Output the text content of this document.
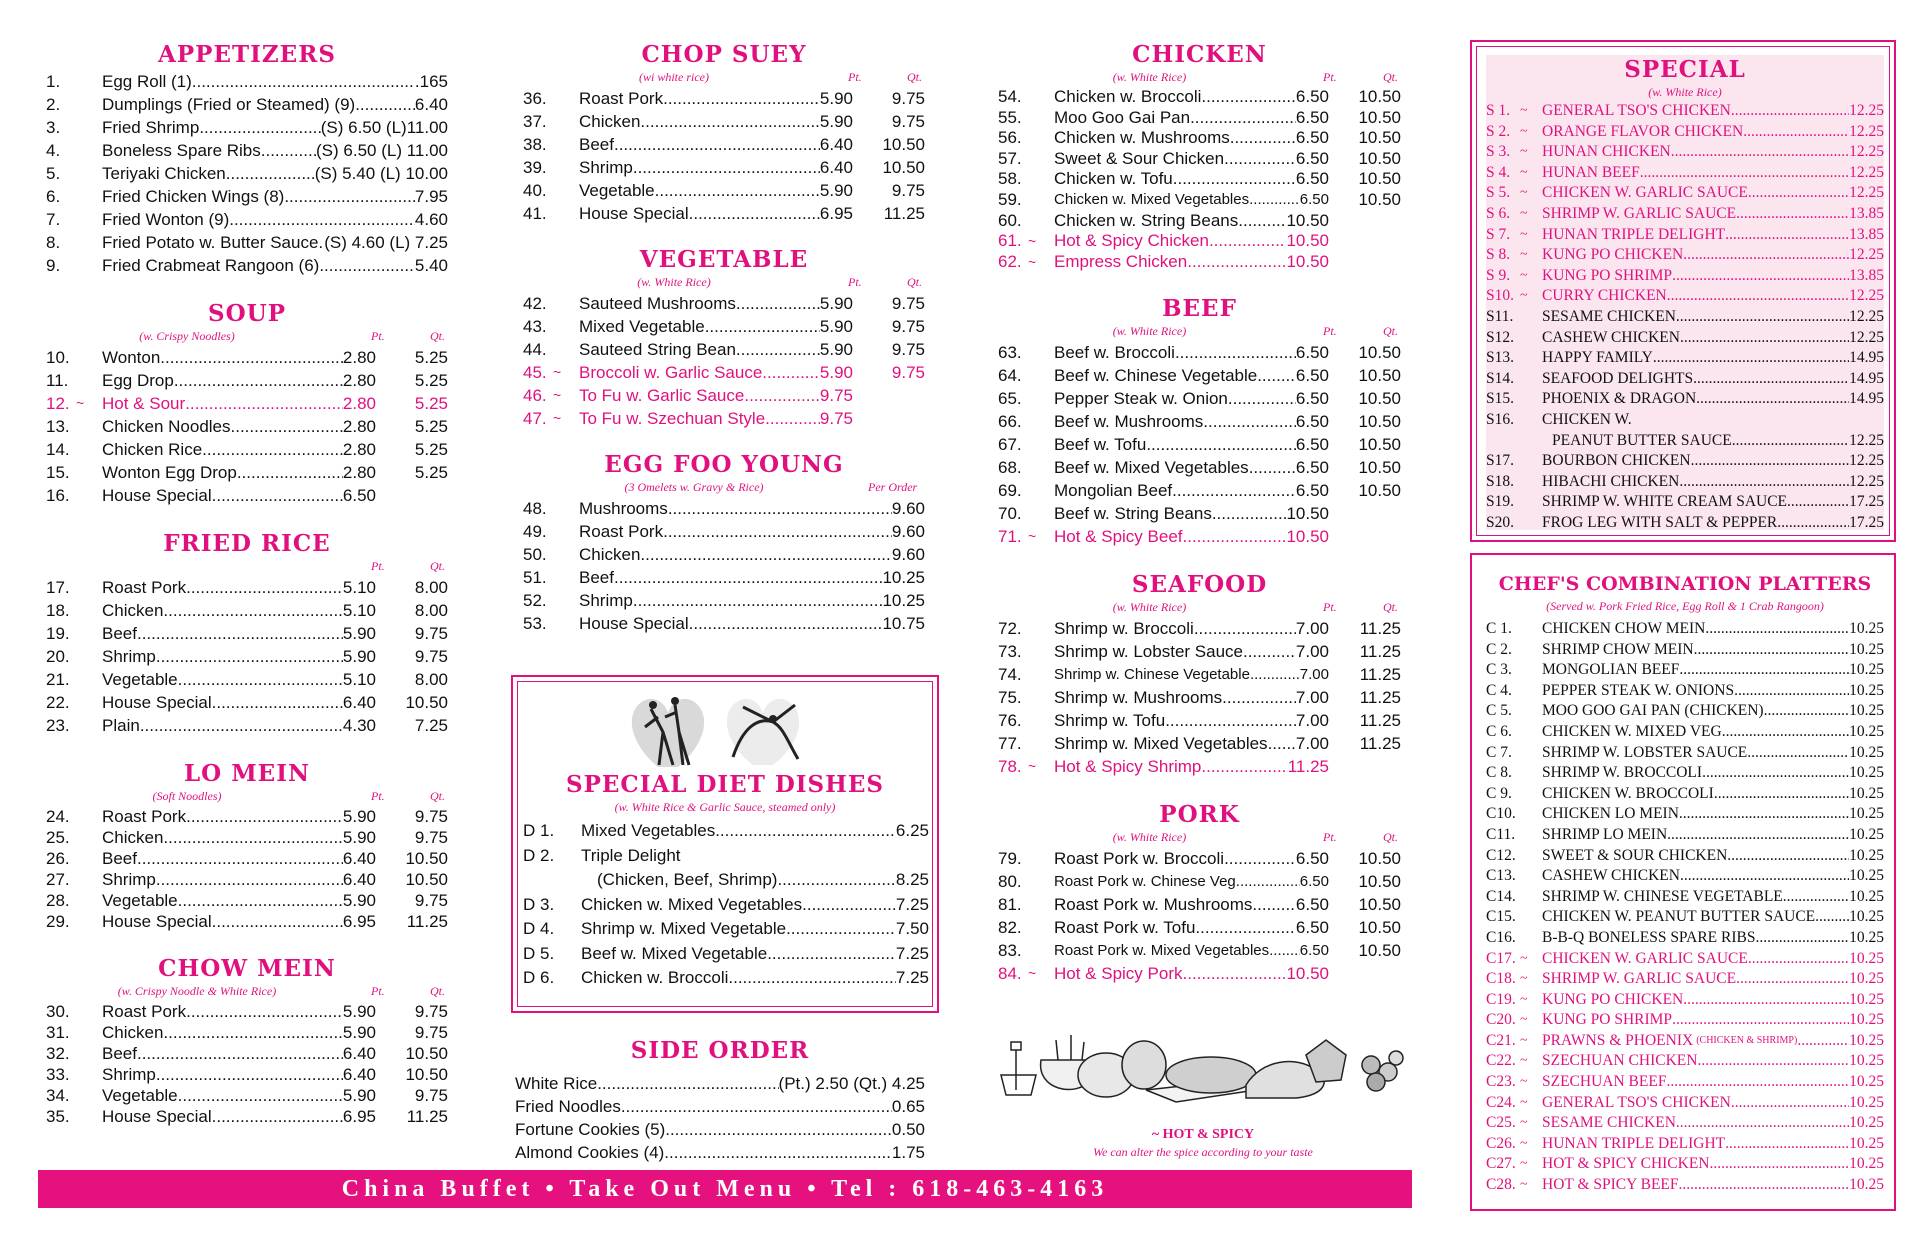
APPETIZERS
1. Egg Roll (1) .....	.165
2. Dumplings (Fried or Steamed) (9) .....	6.40
3. Fried Shrimp .....	(S) 6.50 (L)11.00
4. Boneless Spare Ribs .....	(S) 6.50 (L) 11.00
5. Teriyaki Chicken .....	(S) 5.40 (L) 10.00
6. Fried Chicken Wings (8) .....	7.95
7. Fried Wonton (9) .....	4.60
8. Fried Potato w. Butter Sauce ..... (S) 4.60 (L) 7.25
9. Fried Crabmeat Rangoon (6) .....	5.40
SOUP
(w. Crispy Noodles)	Pt.	Qt.
10. Wonton .....	2.80 5.25
11. Egg Drop .....	2.80 5.25
12. ~ Hot & Sour .....	2.80 5.25
13. Chicken Noodles .....	2.80 5.25
14. Chicken Rice .....	2.80 5.25
15. Wonton Egg Drop .....	2.80 5.25
16. House Special .....	6.50
FRIED RICE
Pt.	Qt.
17. Roast Pork .....	5.10 8.00
18. Chicken .....	5.10 8.00
19. Beef .....	5.90 9.75
20. Shrimp .....	5.90 9.75
21. Vegetable .....	5.10 8.00
22. House Special .....	6.40 10.50
23. Plain .....	4.30 7.25
LO MEIN
(Soft Noodles)	Pt.	Qt.
24. Roast Pork .....	5.90 9.75
25. Chicken .....	5.90 9.75
26. Beef .....	6.40 10.50
27. Shrimp .....	6.40 10.50
28. Vegetable .....	5.90 9.75
29. House Special .....	6.95 11.25
CHOW MEIN
(w. Crispy Noodle & White Rice)	Pt.	Qt.
30. Roast Pork .....	5.90 9.75
31. Chicken .....	5.90 9.75
32. Beef .....	6.40 10.50
33. Shrimp .....	6.40 10.50
34. Vegetable .....	5.90 9.75
35. House Special .....	6.95 11.25
CHOP SUEY
(wi white rice)	Pt.	Qt.
36. Roast Pork .....	5.90 9.75
37. Chicken .....	5.90 9.75
38. Beef .....	6.40 10.50
39. Shrimp .....	6.40 10.50
40. Vegetable .....	5.90 9.75
41. House Special .....	6.95 11.25
VEGETABLE
(w. White Rice)	Pt.	Qt.
42. Sauteed Mushrooms .....	5.90 9.75
43. Mixed Vegetable .....	5.90 9.75
44. Sauteed String Bean .....	5.90 9.75
45. ~ Broccoli w. Garlic Sauce .....	5.90 9.75
46. ~ To Fu w. Garlic Sauce .....	9.75
47. ~ To Fu w. Szechuan Style .....	9.75
EGG FOO YOUNG
(3 Omelets w. Gravy & Rice)	Per Order
48. Mushrooms .....	9.60
49. Roast Pork .....	9.60
50. Chicken .....	9.60
51. Beef .....	10.25
52. Shrimp .....	10.25
53. House Special .....	10.75
SPECIAL DIET DISHES
(w. White Rice & Garlic Sauce, steamed only)
D 1. Mixed Vegetables .....	6.25
D 2. Triple Delight
(Chicken, Beef, Shrimp) .....	8.25
D 3. Chicken w. Mixed Vegetables .....	7.25
D 4. Shrimp w. Mixed Vegetable .....	7.50
D 5. Beef w. Mixed Vegetable .....	7.25
D 6. Chicken w. Broccoli .....	7.25
SIDE ORDER
White Rice .....	(Pt.) 2.50 (Qt.) 4.25
Fried Noodles .....	0.65
Fortune Cookies (5) .....	0.50
Almond Cookies (4) .....	1.75
CHICKEN
(w. White Rice)	Pt.	Qt.
54. Chicken w. Broccoli .....	6.50 10.50
55. Moo Goo Gai Pan .....	6.50 10.50
56. Chicken w. Mushrooms .....	6.50 10.50
57. Sweet & Sour Chicken .....	6.50 10.50
58. Chicken w. Tofu .....	6.50 10.50
59. Chicken w. Mixed Vegetables .....	6.50 10.50
60. Chicken w. String Beans .....	10.50
61. ~ Hot & Spicy Chicken .....	10.50
62. ~ Empress Chicken .....	10.50
BEEF
(w. White Rice)	Pt.	Qt.
63. Beef w. Broccoli .....	6.50 10.50
64. Beef w. Chinese Vegetable ..... 6.50 10.50
65. Pepper Steak w. Onion .....	6.50 10.50
66. Beef w. Mushrooms .....	6.50 10.50
67. Beef w. Tofu .....	6.50 10.50
68. Beef w. Mixed Vegetables .....	6.50 10.50
69. Mongolian Beef .....	6.50 10.50
70. Beef w. String Beans .....	10.50
71. ~ Hot & Spicy Beef .....	10.50
SEAFOOD
(w. White Rice)	Pt.	Qt.
72. Shrimp w. Broccoli .....	7.00 11.25
73. Shrimp w. Lobster Sauce .....	7.00 11.25
74. Shrimp w. Chinese Vegetable .....	7.00 11.25
75. Shrimp w. Mushrooms .....	7.00 11.25
76. Shrimp w. Tofu .....	7.00 11.25
77. Shrimp w. Mixed Vegetables ..... 7.00 11.25
78. ~ Hot & Spicy Shrimp .....	11.25
PORK
(w. White Rice)	Pt.	Qt.
79. Roast Pork w. Broccoli .....	6.50 10.50
80. Roast Pork w. Chinese Veg. .....	6.50 10.50
81. Roast Pork w. Mushrooms .....	6.50 10.50
82. Roast Pork w. Tofu .....	6.50 10.50
83. Roast Pork w. Mixed Vegetables ..... 6.50 10.50
84. ~ Hot & Spicy Pork .....	10.50
~ HOT & SPICY
We can alter the spice according to your taste
China Buffet • Take Out Menu • Tel : 618-463-4163
SPECIAL
(w. White Rice)
S 1. ~ GENERAL TSO'S CHICKEN .....	12.25
S 2. ~ ORANGE FLAVOR CHICKEN .....	12.25
S 3. ~ HUNAN CHICKEN .....	12.25
S 4. ~ HUNAN BEEF .....	12.25
S 5. ~ CHICKEN W. GARLIC SAUCE .....	12.25
S 6. ~ SHRIMP W. GARLIC SAUCE .....	13.85
S 7. ~ HUNAN TRIPLE DELIGHT .....	13.85
S 8. ~ KUNG PO CHICKEN .....	12.25
S 9. ~ KUNG PO SHRIMP .....	13.85
S10. ~ CURRY CHICKEN .....	12.25
S11. SESAME CHICKEN .....	12.25
S12. CASHEW CHICKEN .....	12.25
S13. HAPPY FAMILY .....	14.95
S14. SEAFOOD DELIGHTS .....	14.95
S15. PHOENIX & DRAGON .....	14.95
S16. CHICKEN W.
PEANUT BUTTER SAUCE .....	12.25
S17. BOURBON CHICKEN .....	12.25
S18. HIBACHI CHICKEN .....	12.25
S19. SHRIMP W. WHITE CREAM SAUCE .....	17.25
S20. FROG LEG WITH SALT & PEPPER .....	17.25
CHEF'S COMBINATION PLATTERS
(Served w. Pork Fried Rice, Egg Roll & 1 Crab Rangoon)
C 1. CHICKEN CHOW MEIN .....	10.25
C 2. SHRIMP CHOW MEIN .....	10.25
C 3. MONGOLIAN BEEF .....	10.25
C 4. PEPPER STEAK W. ONIONS .....	10.25
C 5. MOO GOO GAI PAN (CHICKEN) .....	10.25
C 6. CHICKEN W. MIXED VEG. .....	10.25
C 7. SHRIMP W. LOBSTER SAUCE .....	10.25
C 8. SHRIMP W. BROCCOLI .....	10.25
C 9. CHICKEN W. BROCCOLI .....	10.25
C10. CHICKEN LO MEIN .....	10.25
C11. SHRIMP LO MEIN .....	10.25
C12. SWEET & SOUR CHICKEN .....	10.25
C13. CASHEW CHICKEN .....	10.25
C14. SHRIMP W. CHINESE VEGETABLE .....	10.25
C15. CHICKEN W. PEANUT BUTTER SAUCE ..... 10.25
C16. B-B-Q BONELESS SPARE RIBS .....	10.25
C17. ~ CHICKEN W. GARLIC SAUCE .....	10.25
C18. ~ SHRIMP W. GARLIC SAUCE .....	10.25
C19. ~ KUNG PO CHICKEN .....	10.25
C20. ~ KUNG PO SHRIMP .....	10.25
C21. ~ PRAWNS & PHOENIX (CHICKEN & SHRIMP) .....	10.25
C22. ~ SZECHUAN CHICKEN .....	10.25
C23. ~ SZECHUAN BEEF .....	10.25
C24. ~ GENERAL TSO'S CHICKEN .....	10.25
C25. ~ SESAME CHICKEN .....	10.25
C26. ~ HUNAN TRIPLE DELIGHT .....	10.25
C27. ~ HOT & SPICY CHICKEN .....	10.25
C28. ~ HOT & SPICY BEEF .....	10.25
